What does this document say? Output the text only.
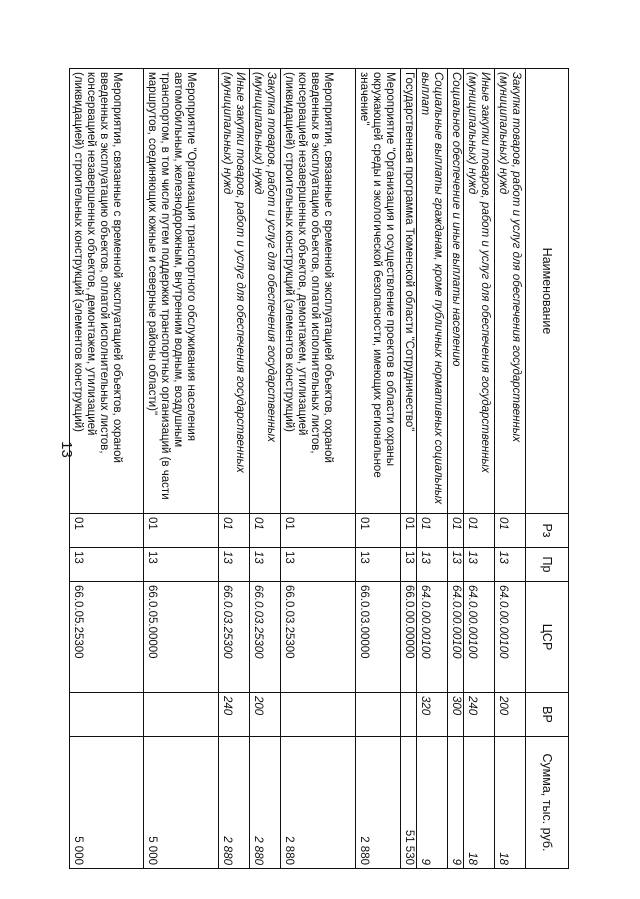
13
Наименование	Рз	Пр	ЦСР	ВР	Сумма, тыс. руб.
Закупка товаров, работ и услуг для обеспечения государственных (муниципальных) нужд	01	13	64.0.00.00100	200	18
Иные закупки товаров, работ и услуг для обеспечения государственных (муниципальных) нужд	01	13	64.0.00.00100	240	18
Социальное обеспечение и иные выплаты населению	01	13	64.0.00.00100	300	9
Социальные выплаты гражданам, кроме публичных нормативных социальных выплат	01	13	64.0.00.00100	320	9
Государственная программа Тюменской области "Сотрудничество"	01	13	66.0.00.00000		51 530
Мероприятие "Организация и осуществление проектов в области охраны окружающей среды и экологической безопасности, имеющих региональное значение"	01	13	66.0.03.00000		2 880
Мероприятия, связанные с временной эксплуатацией объектов, охраной введенных в эксплуатацию объектов, оплатой исполнительных листов, консервацией незавершенных объектов, демонтажем, утилизацией (ликвидацией) строительных конструкций (элементов конструкций)	01	13	66.0.03.25300		2 880
Закупка товаров, работ и услуг для обеспечения государственных (муниципальных) нужд	01	13	66.0.03.25300	200	2 880
Иные закупки товаров, работ и услуг для обеспечения государственных (муниципальных) нужд	01	13	66.0.03.25300	240	2 880
Мероприятие "Организация транспортного обслуживания населения автомобильным, железнодорожным, внутренним водным, воздушным транспортом, в том числе путем поддержки транспортных организаций (в части маршрутов, соединяющих южные и северные районы области)"	01	13	66.0.05.00000		5 000
Мероприятия, связанные с временной эксплуатацией объектов, охраной введенных в эксплуатацию объектов, оплатой исполнительных листов, консервацией незавершенных объектов, демонтажем, утилизацией (ликвидацией) строительных конструкций (элементов конструкций)	01	13	66.0.05.25300		5 000
